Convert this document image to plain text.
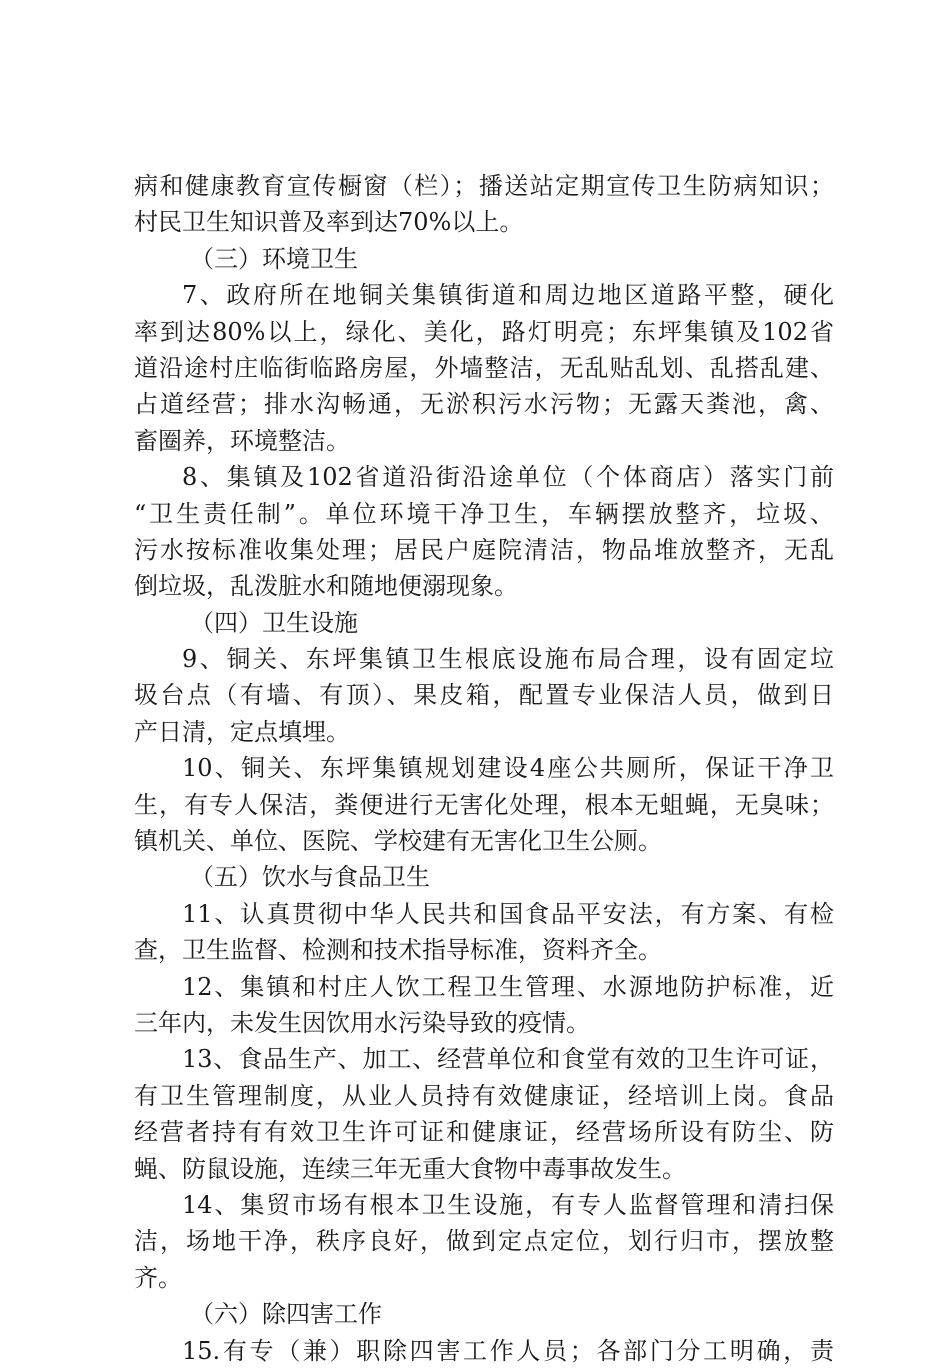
病和健康教育宣传橱窗（栏）；播送站定期宣传卫生防病知识；
村民卫生知识普及率到达70%以上。
（三）环境卫生
7、政府所在地铜关集镇街道和周边地区道路平整，硬化
率到达80%以上，绿化、美化，路灯明亮；东坪集镇及102省
道沿途村庄临街临路房屋，外墙整洁，无乱贴乱划、乱搭乱建、
占道经营；排水沟畅通，无淤积污水污物；无露天粪池，禽、
畜圈养，环境整洁。
8、集镇及102省道沿街沿途单位（个体商店）落实门前
“卫生责任制”。单位环境干净卫生，车辆摆放整齐，垃圾、
污水按标准收集处理；居民户庭院清洁，物品堆放整齐，无乱
倒垃圾，乱泼脏水和随地便溺现象。
（四）卫生设施
9、铜关、东坪集镇卫生根底设施布局合理，设有固定垃
圾台点（有墙、有顶）、果皮箱，配置专业保洁人员，做到日
产日清，定点填埋。
10、铜关、东坪集镇规划建设4座公共厕所，保证干净卫
生，有专人保洁，粪便进行无害化处理，根本无蛆蝇，无臭味；
镇机关、单位、医院、学校建有无害化卫生公厕。
（五）饮水与食品卫生
11、认真贯彻中华人民共和国食品平安法，有方案、有检
查，卫生监督、检测和技术指导标准，资料齐全。
12、集镇和村庄人饮工程卫生管理、水源地防护标准，近
三年内，未发生因饮用水污染导致的疫情。
13、食品生产、加工、经营单位和食堂有效的卫生许可证，
有卫生管理制度，从业人员持有效健康证，经培训上岗。食品
经营者持有有效卫生许可证和健康证，经营场所设有防尘、防
蝇、防鼠设施，连续三年无重大食物中毒事故发生。
14、集贸市场有根本卫生设施，有专人监督管理和清扫保
洁，场地干净，秩序良好，做到定点定位，划行归市，摆放整
齐。
（六）除四害工作
15.有专（兼）职除四害工作人员；各部门分工明确，责
